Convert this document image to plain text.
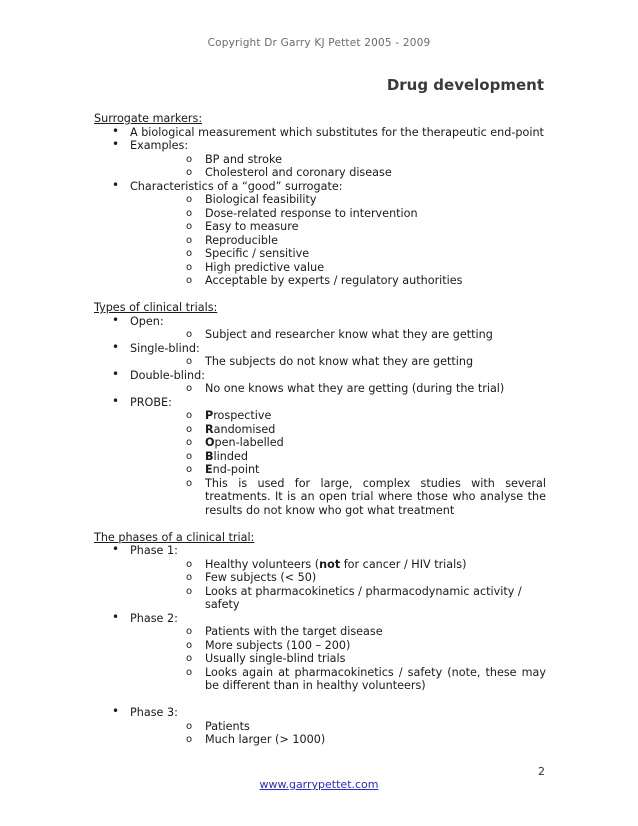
Copyright Dr Garry KJ Pettet 2005 - 2009
Drug development

Surrogate markers:

• A biological measurement which substitutes for the therapeutic end-point
• Examples:
o BP and stroke
o Cholesterol and coronary disease
• Characteristics of a “good” surrogate:
o Biological feasibility
o Dose-related response to intervention
o Easy to measure
o Reproducible
o Specific / sensitive
o High predictive value
o Acceptable by experts / regulatory authorities

Types of clinical trials:

• Open:
o Subject and researcher know what they are getting
• Single-blind:
o The subjects do not know what they are getting
• Double-blind:
o No one knows what they are getting (during the trial)
• PROBE:
o Prospective
o Randomised
o Open-labelled
o Blinded
o End-point
o This is used for large, complex studies with several treatments. It is an open trial where those who analyse the results do not know who got what treatment

The phases of a clinical trial:

• Phase 1:
o Healthy volunteers (not for cancer / HIV trials)
o Few subjects (< 50)
o Looks at pharmacokinetics / pharmacodynamic activity / safety
• Phase 2:
o Patients with the target disease
o More subjects (100 – 200)
o Usually single-blind trials
o Looks again at pharmacokinetics / safety (note, these may be different than in healthy volunteers)
• Phase 3:
o Patients
o Much larger (> 1000)
2
www.garrypettet.com
